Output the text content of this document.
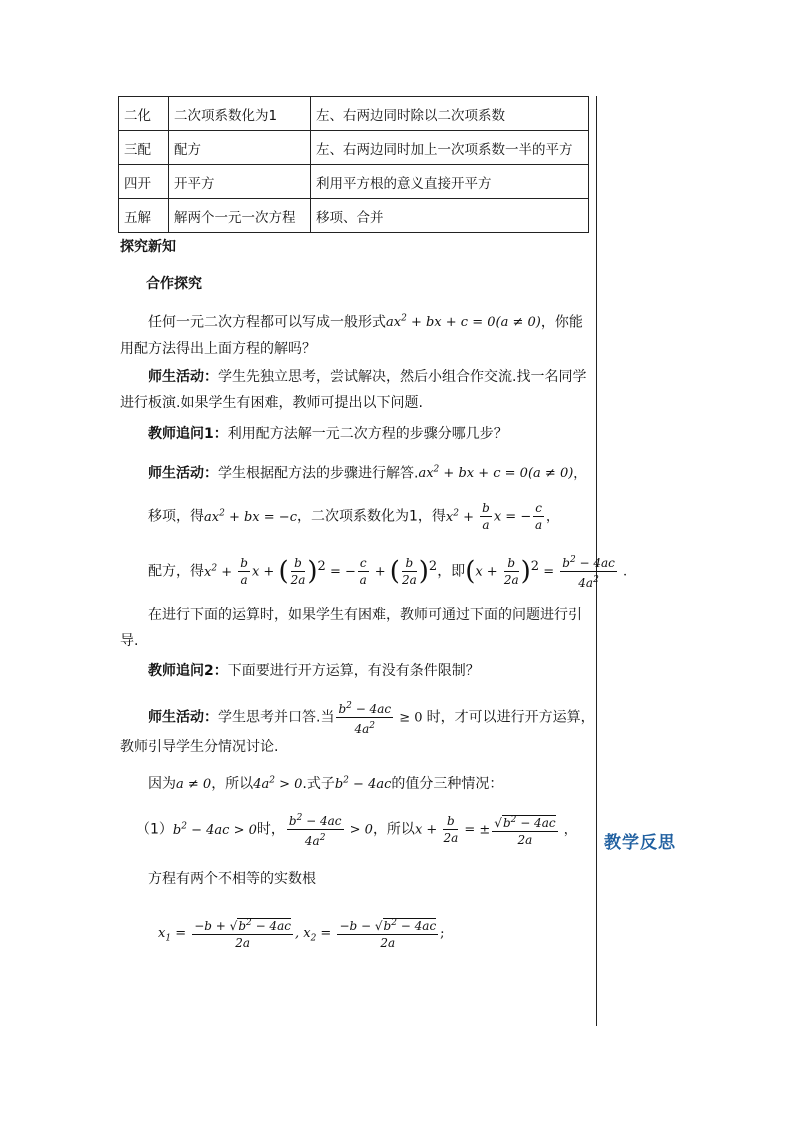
教学反思
二化	二次项系数化为1	左、右两边同时除以二次项系数
三配	配方	左、右两边同时加上一次项系数一半的平方
四开	开平方	利用平方根的意义直接开平方
五解	解两个一元一次方程	移项、合并
探究新知
合作探究
任何一元二次方程都可以写成一般形式$ax^2$ + bx + c = 0(a ≠ 0)，你能用配方法得出上面方程的解吗？
师生活动：学生先独立思考，尝试解决，然后小组合作交流.找一名同学进行板演.如果学生有困难，教师可提出以下问题.
教师追问1：利用配方法解一元二次方程的步骤分哪几步？
师生活动：学生根据配方法的步骤进行解答$.ax^2$ + bx + c = 0(a ≠ 0)，
移项，得$ax^2$ + bx = −c，二次项系数化为1，得$x^2 + \frac{b}{a}$ x = − $\frac{c}{a}$ ，
配方，得$x^2 + \frac{b}{a}$ x + ( $\frac{b}{2a} )^2$ = − $\frac{c}{a}$ + ( $\frac{b}{2a} )^2$，即$(x + \frac{b}{2a} )^2 = \frac{b^2 - 4ac}{4a^2}$ .
在进行下面的运算时，如果学生有困难，教师可通过下面的问题进行引导.
教师追问2：下面要进行开方运算，有没有条件限制？
师生活动：学生思考并口答.当 $\frac{b^2 - 4ac}{4a^2} \ge 0$ 时，才可以进行开方运算，
教师引导学生分情况讨论.
因为a ≠ 0，所以$4a^2 > 0$.式子$b^2 - 4ac$的值分三种情况：
$(1)b^2 - 4ac > 0$时， $\frac{b^2 - 4ac}{4a^2} > 0$，所以$x + \frac{b}{2a}$ = ± $\frac{√b^2 - 4ac}{2a}$ ，
方程有两个不相等的实数根
$x_1 = \frac{-b + √b^2 - 4ac}{2a}$ , $x_2 = \frac{-b - √b^2 - 4ac}{2a}$ ;
